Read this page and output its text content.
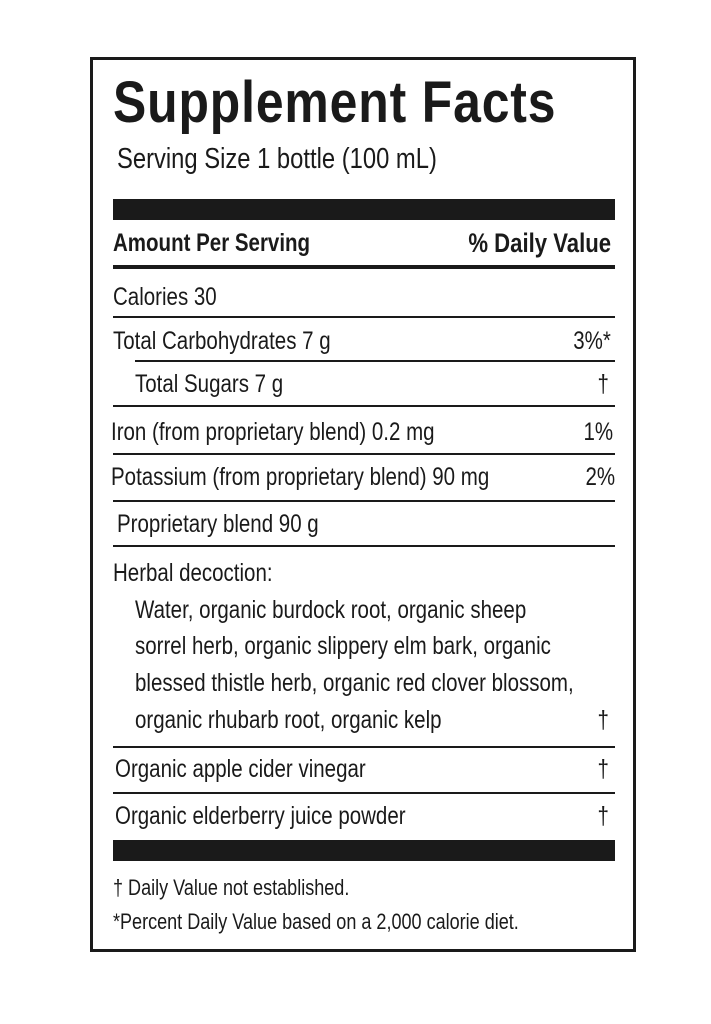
Supplement Facts
Serving Size 1 bottle (100 mL)
Amount Per Serving	% Daily Value
Calories 30
Total Carbohydrates 7 g	3%*
Total Sugars 7 g	†
Iron (from proprietary blend) 0.2 mg	1%
Potassium (from proprietary blend) 90 mg	2%
Proprietary blend 90 g
Herbal decoction:
Water, organic burdock root, organic sheep
sorrel herb, organic slippery elm bark, organic
blessed thistle herb, organic red clover blossom,
organic rhubarb root, organic kelp	†
Organic apple cider vinegar	†
Organic elderberry juice powder	†
† Daily Value not established.
*Percent Daily Value based on a 2,000 calorie diet.
